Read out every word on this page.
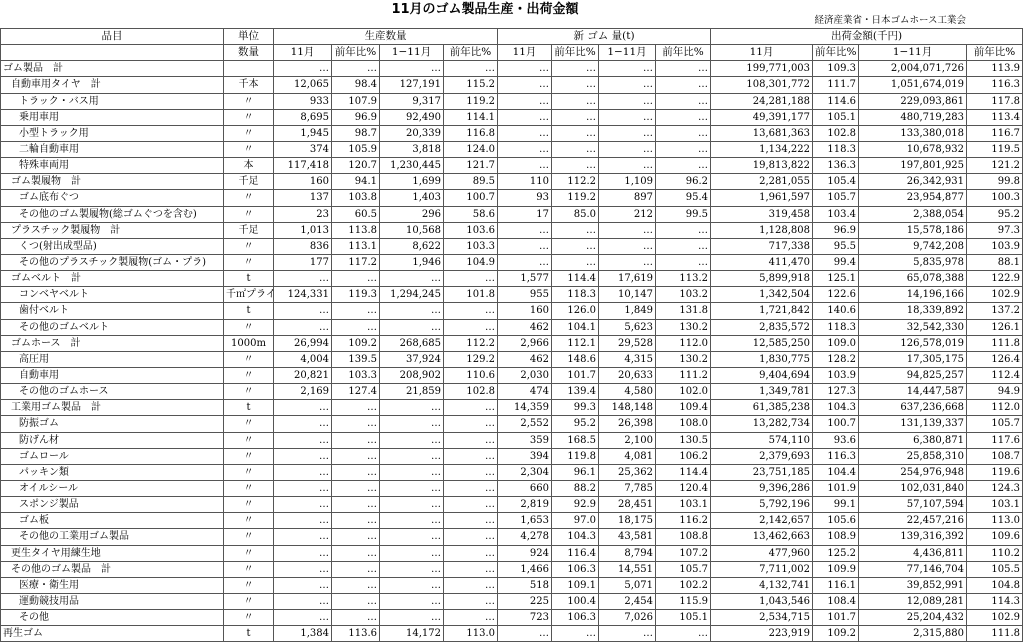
11月のゴム製品生産・出荷金額
経済産業省・日本ゴムホース工業会
品目	単位	生産数量				新 ゴム 量(t)				出荷金額(千円)			
	数量	11月	前年比%	1−11月	前年比%	11月	前年比%	1−11月	前年比%	11月	前年比%	1−11月	前年比%
ゴム製品　計		…	…	…	…	…	…	…	…	199,771,003	109.3	2,004,071,726	113.9
自動車用タイヤ　計	千本	12,065	98.4	127,191	115.2	…	…	…	…	108,301,772	111.7	1,051,674,019	116.3
トラック・バス用	〃	933	107.9	9,317	119.2	…	…	…	…	24,281,188	114.6	229,093,861	117.8
乗用車用	〃	8,695	96.9	92,490	114.1	…	…	…	…	49,391,177	105.1	480,719,283	113.4
小型トラック用	〃	1,945	98.7	20,339	116.8	…	…	…	…	13,681,363	102.8	133,380,018	116.7
二輪自動車用	〃	374	105.9	3,818	124.0	…	…	…	…	1,134,222	118.3	10,678,932	119.5
特殊車両用	本	117,418	120.7	1,230,445	121.7	…	…	…	…	19,813,822	136.3	197,801,925	121.2
ゴム製履物　計	千足	160	94.1	1,699	89.5	110	112.2	1,109	96.2	2,281,055	105.4	26,342,931	99.8
ゴム底布ぐつ	〃	137	103.8	1,403	100.7	93	119.2	897	95.4	1,961,597	105.7	23,954,877	100.3
その他のゴム製履物(総ゴムぐつを含む)	〃	23	60.5	296	58.6	17	85.0	212	99.5	319,458	103.4	2,388,054	95.2
プラスチック製履物　計	千足	1,013	113.8	10,568	103.6	…	…	…	…	1,128,808	96.9	15,578,186	97.3
くつ(射出成型品)	〃	836	113.1	8,622	103.3	…	…	…	…	717,338	95.5	9,742,208	103.9
その他のプラスチック製履物(ゴム・プラ)	〃	177	117.2	1,946	104.9	…	…	…	…	411,470	99.4	5,835,978	88.1
ゴムベルト　計	t	…	…	…	…	1,577	114.4	17,619	113.2	5,899,918	125.1	65,078,388	122.9
コンベヤベルト	千㎡プライ	124,331	119.3	1,294,245	101.8	955	118.3	10,147	103.2	1,342,504	122.6	14,196,166	102.9
歯付ベルト	t	…	…	…	…	160	126.0	1,849	131.8	1,721,842	140.6	18,339,892	137.2
その他のゴムベルト	〃	…	…	…	…	462	104.1	5,623	130.2	2,835,572	118.3	32,542,330	126.1
ゴムホース　計	1000m	26,994	109.2	268,685	112.2	2,966	112.1	29,528	112.0	12,585,250	109.0	126,578,019	111.8
高圧用	〃	4,004	139.5	37,924	129.2	462	148.6	4,315	130.2	1,830,775	128.2	17,305,175	126.4
自動車用	〃	20,821	103.3	208,902	110.6	2,030	101.7	20,633	111.2	9,404,694	103.9	94,825,257	112.4
その他のゴムホース	〃	2,169	127.4	21,859	102.8	474	139.4	4,580	102.0	1,349,781	127.3	14,447,587	94.9
工業用ゴム製品　計	t	…	…	…	…	14,359	99.3	148,148	109.4	61,385,238	104.3	637,236,668	112.0
防振ゴム	〃	…	…	…	…	2,552	95.2	26,398	108.0	13,282,734	100.7	131,139,337	105.7
防げん材	〃	…	…	…	…	359	168.5	2,100	130.5	574,110	93.6	6,380,871	117.6
ゴムロール	〃	…	…	…	…	394	119.8	4,081	106.2	2,379,693	116.3	25,858,310	108.7
パッキン類	〃	…	…	…	…	2,304	96.1	25,362	114.4	23,751,185	104.4	254,976,948	119.6
オイルシール	〃	…	…	…	…	660	88.2	7,785	120.4	9,396,286	101.9	102,031,840	124.3
スポンジ製品	〃	…	…	…	…	2,819	92.9	28,451	103.1	5,792,196	99.1	57,107,594	103.1
ゴム板	〃	…	…	…	…	1,653	97.0	18,175	116.2	2,142,657	105.6	22,457,216	113.0
その他の工業用ゴム製品	〃	…	…	…	…	4,278	104.3	43,581	108.8	13,462,663	108.9	139,316,392	109.6
更生タイヤ用練生地	〃	…	…	…	…	924	116.4	8,794	107.2	477,960	125.2	4,436,811	110.2
その他のゴム製品　計	〃	…	…	…	…	1,466	106.3	14,551	105.7	7,711,002	109.9	77,146,704	105.5
医療・衛生用	〃	…	…	…	…	518	109.1	5,071	102.2	4,132,741	116.1	39,852,991	104.8
運動競技用品	〃	…	…	…	…	225	100.4	2,454	115.9	1,043,546	108.4	12,089,281	114.3
その他	〃	…	…	…	…	723	106.3	7,026	105.1	2,534,715	101.7	25,204,432	102.9
再生ゴム	t	1,384	113.6	14,172	113.0	…	…	…	…	223,919	109.2	2,315,880	111.8
